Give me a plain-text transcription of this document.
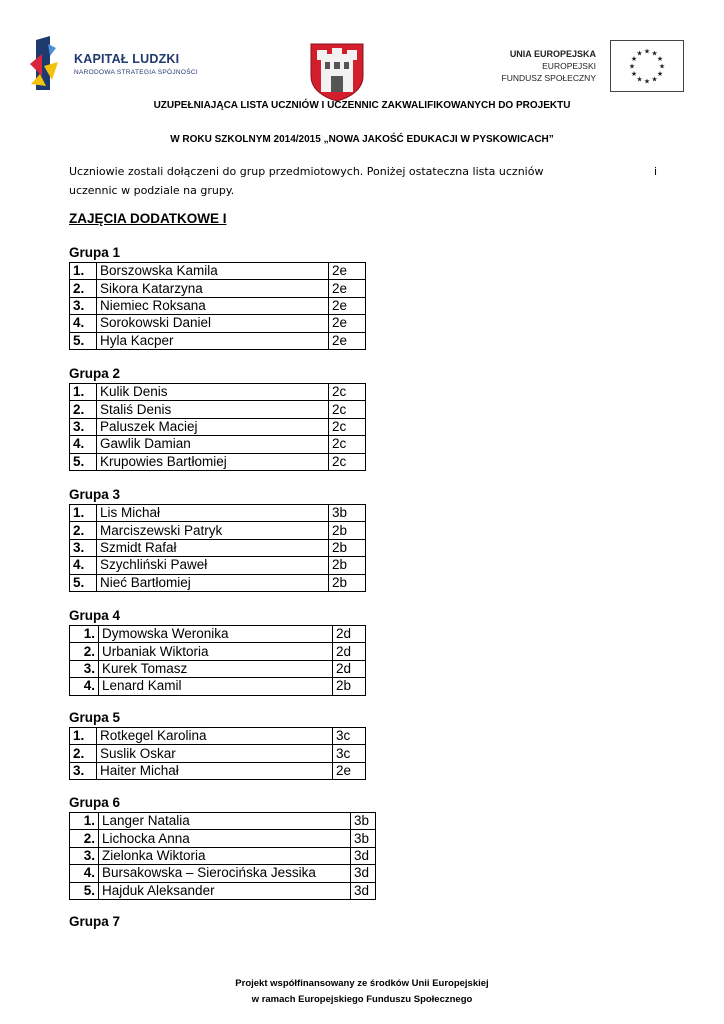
KAPITAŁ LUDZKI
NARODOWA STRATEGIA SPÓJNOŚCI
UNIA EUROPEJSKA
EUROPEJSKI
FUNDUSZ SPOŁECZNY
★ ★
★
★
★
★
★
★
★
★
★
★
UZUPEŁNIAJĄCA LISTA UCZNIÓW I UCZENNIC ZAKWALIFIKOWANYCH DO PROJEKTU
W ROKU SZKOLNYM 2014/2015 „NOWA JAKOŚĆ EDUKACJI W PYSKOWICACH”
Uczniowie zostali dołączeni do grup przedmiotowych. Poniżej ostateczna lista uczniów	i
uczennic w podziale na grupy.
ZAJĘCIA DODATKOWE I
Grupa 1
1.	Borszowska Kamila	2e
2.	Sikora Katarzyna	2e
3.	Niemiec Roksana	2e
4.	Sorokowski Daniel	2e
5.	Hyla Kacper	2e
Grupa 2
1.	Kulik Denis	2c
2.	Staliś Denis	2c
3.	Paluszek Maciej	2c
4.	Gawlik Damian	2c
5.	Krupowies Bartłomiej	2c
Grupa 3
1.	Lis Michał	3b
2.	Marciszewski Patryk	2b
3.	Szmidt Rafał	2b
4.	Szychliński Paweł	2b
5.	Nieć Bartłomiej	2b
Grupa 4
1.	Dymowska Weronika	2d
2.	Urbaniak Wiktoria	2d
3.	Kurek Tomasz	2d
4.	Lenard Kamil	2b
Grupa 5
1.	Rotkegel Karolina	3c
2.	Suslik Oskar	3c
3.	Haiter Michał	2e
Grupa 6
1.	Langer Natalia	3b
2.	Lichocka Anna	3b
3.	Zielonka Wiktoria	3d
4.	Bursakowska – Sierocińska Jessika	3d
5.	Hajduk Aleksander	3d
Grupa 7
Projekt współfinansowany ze środków Unii Europejskiej
w ramach Europejskiego Funduszu Społecznego
